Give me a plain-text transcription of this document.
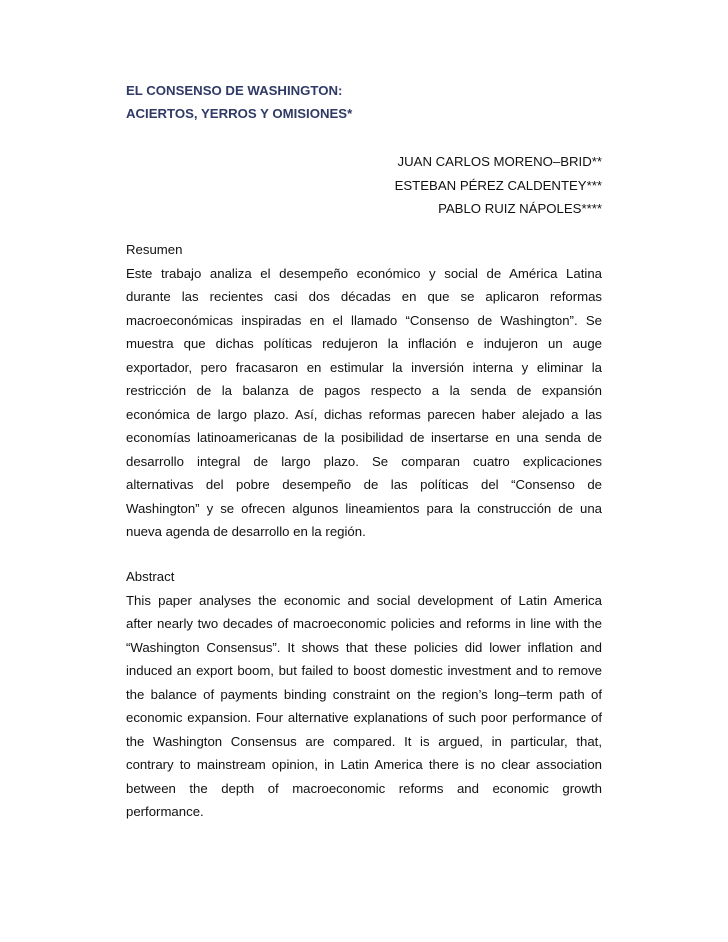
EL CONSENSO DE WASHINGTON:
ACIERTOS, YERROS Y OMISIONES*
JUAN CARLOS MORENO–BRID**
ESTEBAN PÉREZ CALDENTEY***
PABLO RUIZ NÁPOLES****
Resumen
Este trabajo analiza el desempeño económico y social de América Latina
durante las recientes casi dos décadas en que se aplicaron reformas
macroeconómicas inspiradas en el llamado “Consenso de Washington”. Se
muestra que dichas políticas redujeron la inflación e indujeron un auge
exportador, pero fracasaron en estimular la inversión interna y eliminar la
restricción de la balanza de pagos respecto a la senda de expansión
económica de largo plazo. Así, dichas reformas parecen haber alejado a las
economías latinoamericanas de la posibilidad de insertarse en una senda de
desarrollo integral de largo plazo. Se comparan cuatro explicaciones
alternativas del pobre desempeño de las políticas del “Consenso de
Washington” y se ofrecen algunos lineamientos para la construcción de una
nueva agenda de desarrollo en la región.
Abstract
This paper analyses the economic and social development of Latin America
after nearly two decades of macroeconomic policies and reforms in line with the
“Washington Consensus”. It shows that these policies did lower inflation and
induced an export boom, but failed to boost domestic investment and to remove
the balance of payments binding constraint on the region’s long–term path of
economic expansion. Four alternative explanations of such poor performance of
the Washington Consensus are compared. It is argued, in particular, that,
contrary to mainstream opinion, in Latin America there is no clear association
between the depth of macroeconomic reforms and economic growth
performance.
